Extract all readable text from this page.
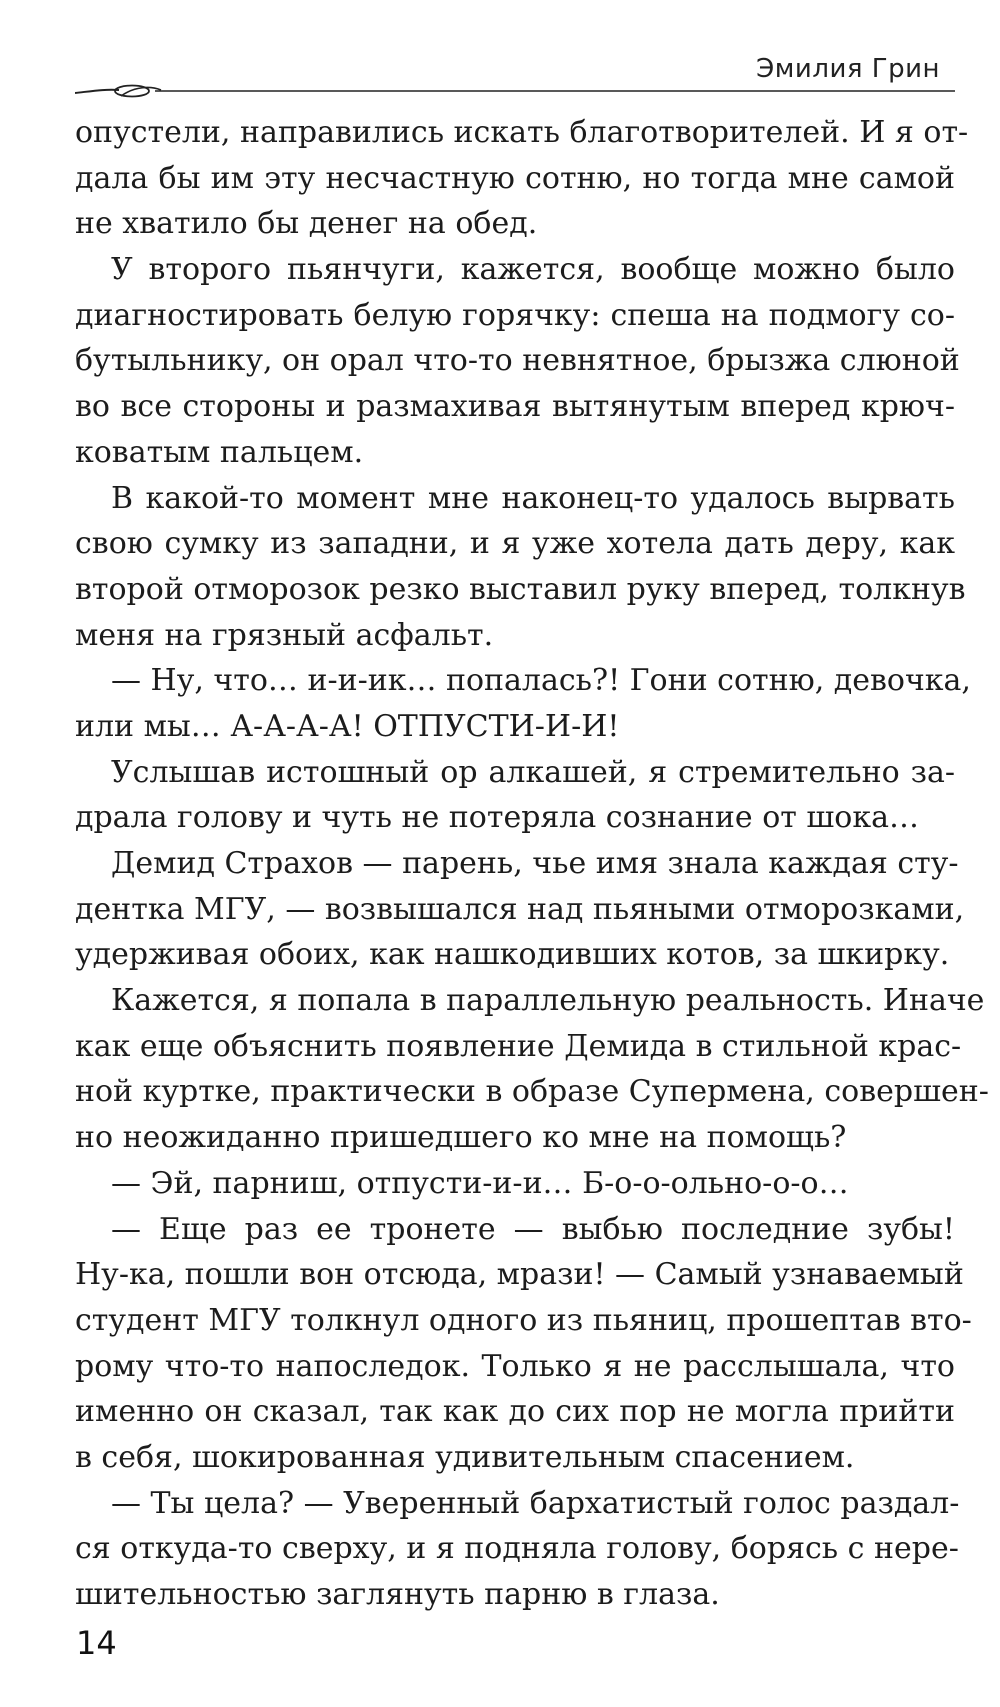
Эмилия Грин
опустели, направились искать благотворителей. И я от-
дала бы им эту несчастную сотню, но тогда мне самой
не хватило бы денег на обед.
У второго пьянчуги, кажется, вообще можно было
диагностировать белую горячку: спеша на подмогу со-
бутыльнику, он орал что-то невнятное, брызжа слюной
во все стороны и размахивая вытянутым вперед крюч-
коватым пальцем.
В какой-то момент мне наконец-то удалось вырвать
свою сумку из западни, и я уже хотела дать деру, как
второй отморозок резко выставил руку вперед, толкнув
меня на грязный асфальт.
— Ну, что… и-и-ик… попалась?! Гони сотню, девочка,
или мы… А-А-А-А! ОТПУСТИ-И-И!
Услышав истошный ор алкашей, я стремительно за-
драла голову и чуть не потеряла сознание от шока…
Демид Страхов — парень, чье имя знала каждая сту-
дентка МГУ, — возвышался над пьяными отморозками,
удерживая обоих, как нашкодивших котов, за шкирку.
Кажется, я попала в параллельную реальность. Иначе
как еще объяснить появление Демида в стильной крас-
ной куртке, практически в образе Супермена, совершен-
но неожиданно пришедшего ко мне на помощь?
— Эй, парниш, отпусти-и-и… Б-о-о-ольно-о-о…
— Еще раз ее тронете — выбью последние зубы!
Ну-ка, пошли вон отсюда, мрази! — Самый узнаваемый
студент МГУ толкнул одного из пьяниц, прошептав вто-
рому что-то напоследок. Только я не расслышала, что
именно он сказал, так как до сих пор не могла прийти
в себя, шокированная удивительным спасением.
— Ты цела? — Уверенный бархатистый голос раздал-
ся откуда-то сверху, и я подняла голову, борясь с нере-
шительностью заглянуть парню в глаза.
14
